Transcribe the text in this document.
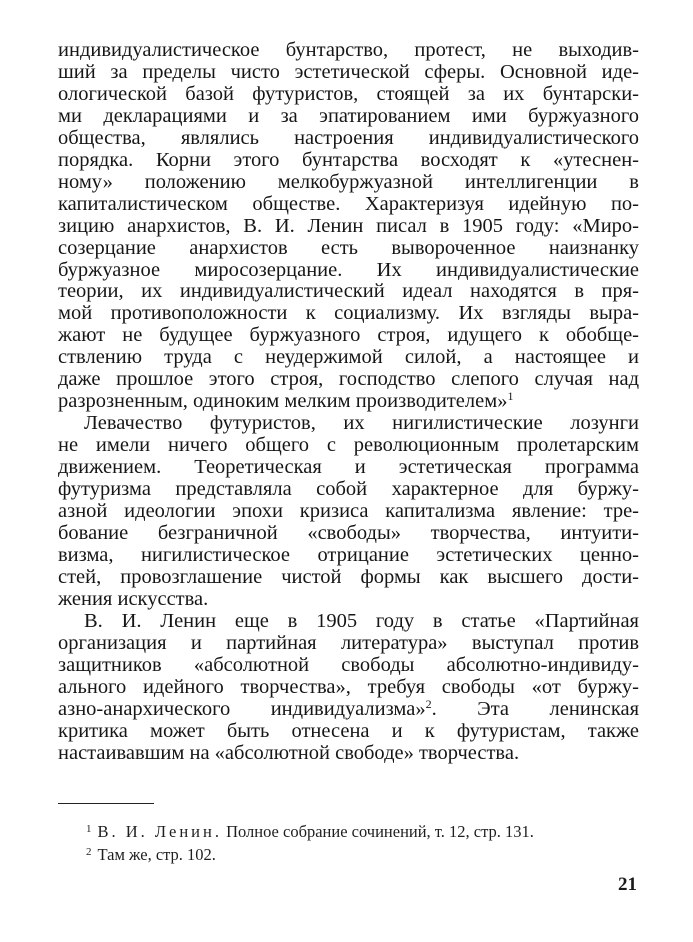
индивидуалистическое бунтарство, протест, не выходив-
ший за пределы чисто эстетической сферы. Основной иде-
ологической базой футуристов, стоящей за их бунтарски-
ми декларациями и за эпатированием ими буржуазного
общества, являлись настроения индивидуалистического
порядка. Корни этого бунтарства восходят к «утеснен-
ному» положению мелкобуржуазной интеллигенции в
капиталистическом обществе. Характеризуя идейную по-
зицию анархистов, В. И. Ленин писал в 1905 году: «Миро-
созерцание анархистов есть вывороченное наизнанку
буржуазное миросозерцание. Их индивидуалистические
теории, их индивидуалистический идеал находятся в пря-
мой противоположности к социализму. Их взгляды выра-
жают не будущее буржуазного строя, идущего к обобще-
ствлению труда с неудержимой силой, а настоящее и
даже прошлое этого строя, господство слепого случая над
разрозненным, одиноким мелким производителем»$^1$
Левачество футуристов, их нигилистические лозунги
не имели ничего общего с революционным пролетарским
движением. Теоретическая и эстетическая программа
футуризма представляла собой характерное для буржу-
азной идеологии эпохи кризиса капитализма явление: тре-
бование безграничной «свободы» творчества, интуити-
визма, нигилистическое отрицание эстетических ценно-
стей, провозглашение чистой формы как высшего дости-
жения искусства.
В. И. Ленин еще в 1905 году в статье «Партийная
организация и партийная литература» выступал против
защитников «абсолютной свободы абсолютно-индивиду-
ального идейного творчества», требуя свободы «от буржу-
азно-анархического индивидуализма»$^2$. Эта ленинская
критика может быть отнесена и к футуристам, также
настаивавшим на «абсолютной свободе» творчества.
$^1$ В. И. Ленин. Полное собрание сочинений, т. 12, стр. 131.
$^2$ Там же, стр. 102.
21
